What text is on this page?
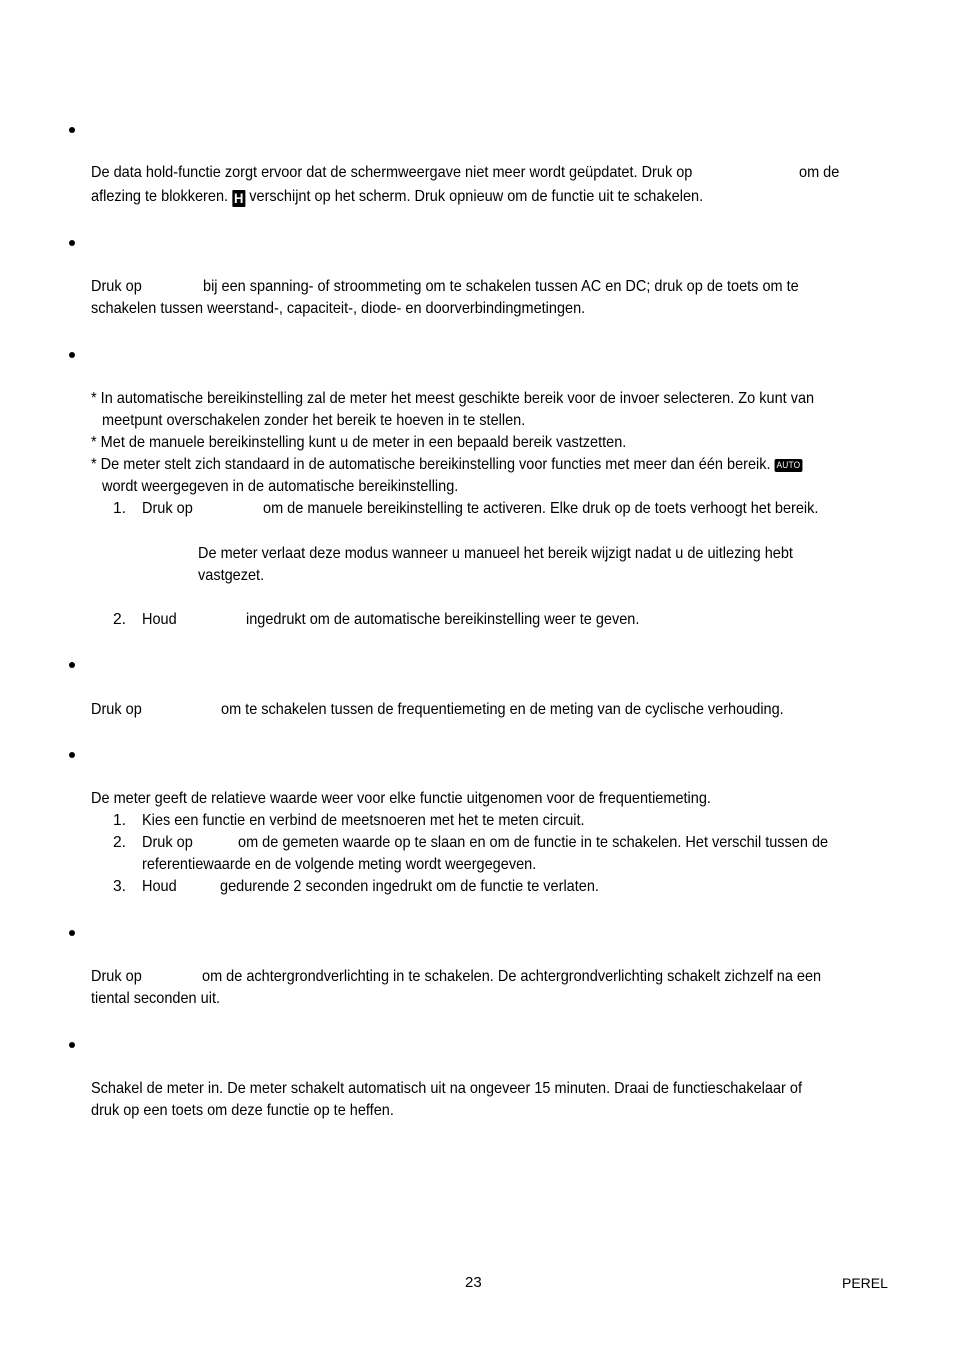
De data hold-functie zorgt ervoor dat de schermweergave niet meer wordt geüpdatet. Druk op	om de
aflezing te blokkeren. H verschijnt op het scherm. Druk opnieuw om de functie uit te schakelen.
Druk op	bij een spanning- of stroommeting om te schakelen tussen AC en DC; druk op de toets om te
schakelen tussen weerstand-, capaciteit-, diode- en doorverbindingmetingen.
* In automatische bereikinstelling zal de meter het meest geschikte bereik voor de invoer selecteren. Zo kunt van
meetpunt overschakelen zonder het bereik te hoeven in te stellen.
* Met de manuele bereikinstelling kunt u de meter in een bepaald bereik vastzetten.
* De meter stelt zich standaard in de automatische bereikinstelling voor functies met meer dan één bereik. AUTO
wordt weergegeven in de automatische bereikinstelling.
1. Druk op	om de manuele bereikinstelling te activeren. Elke druk op de toets verhoogt het bereik.
De meter verlaat deze modus wanneer u manueel het bereik wijzigt nadat u de uitlezing hebt
vastgezet.
2. Houd	ingedrukt om de automatische bereikinstelling weer te geven.
Druk op	om te schakelen tussen de frequentiemeting en de meting van de cyclische verhouding.
De meter geeft de relatieve waarde weer voor elke functie uitgenomen voor de frequentiemeting.
1. Kies een functie en verbind de meetsnoeren met het te meten circuit.
2. Druk op	om de gemeten waarde op te slaan en om de functie in te schakelen. Het verschil tussen de
referentiewaarde en de volgende meting wordt weergegeven.
3. Houd	gedurende 2 seconden ingedrukt om de functie te verlaten.
Druk op	om de achtergrondverlichting in te schakelen. De achtergrondverlichting schakelt zichzelf na een
tiental seconden uit.
Schakel de meter in. De meter schakelt automatisch uit na ongeveer 15 minuten. Draai de functieschakelaar of
druk op een toets om deze functie op te heffen.
23	PEREL
